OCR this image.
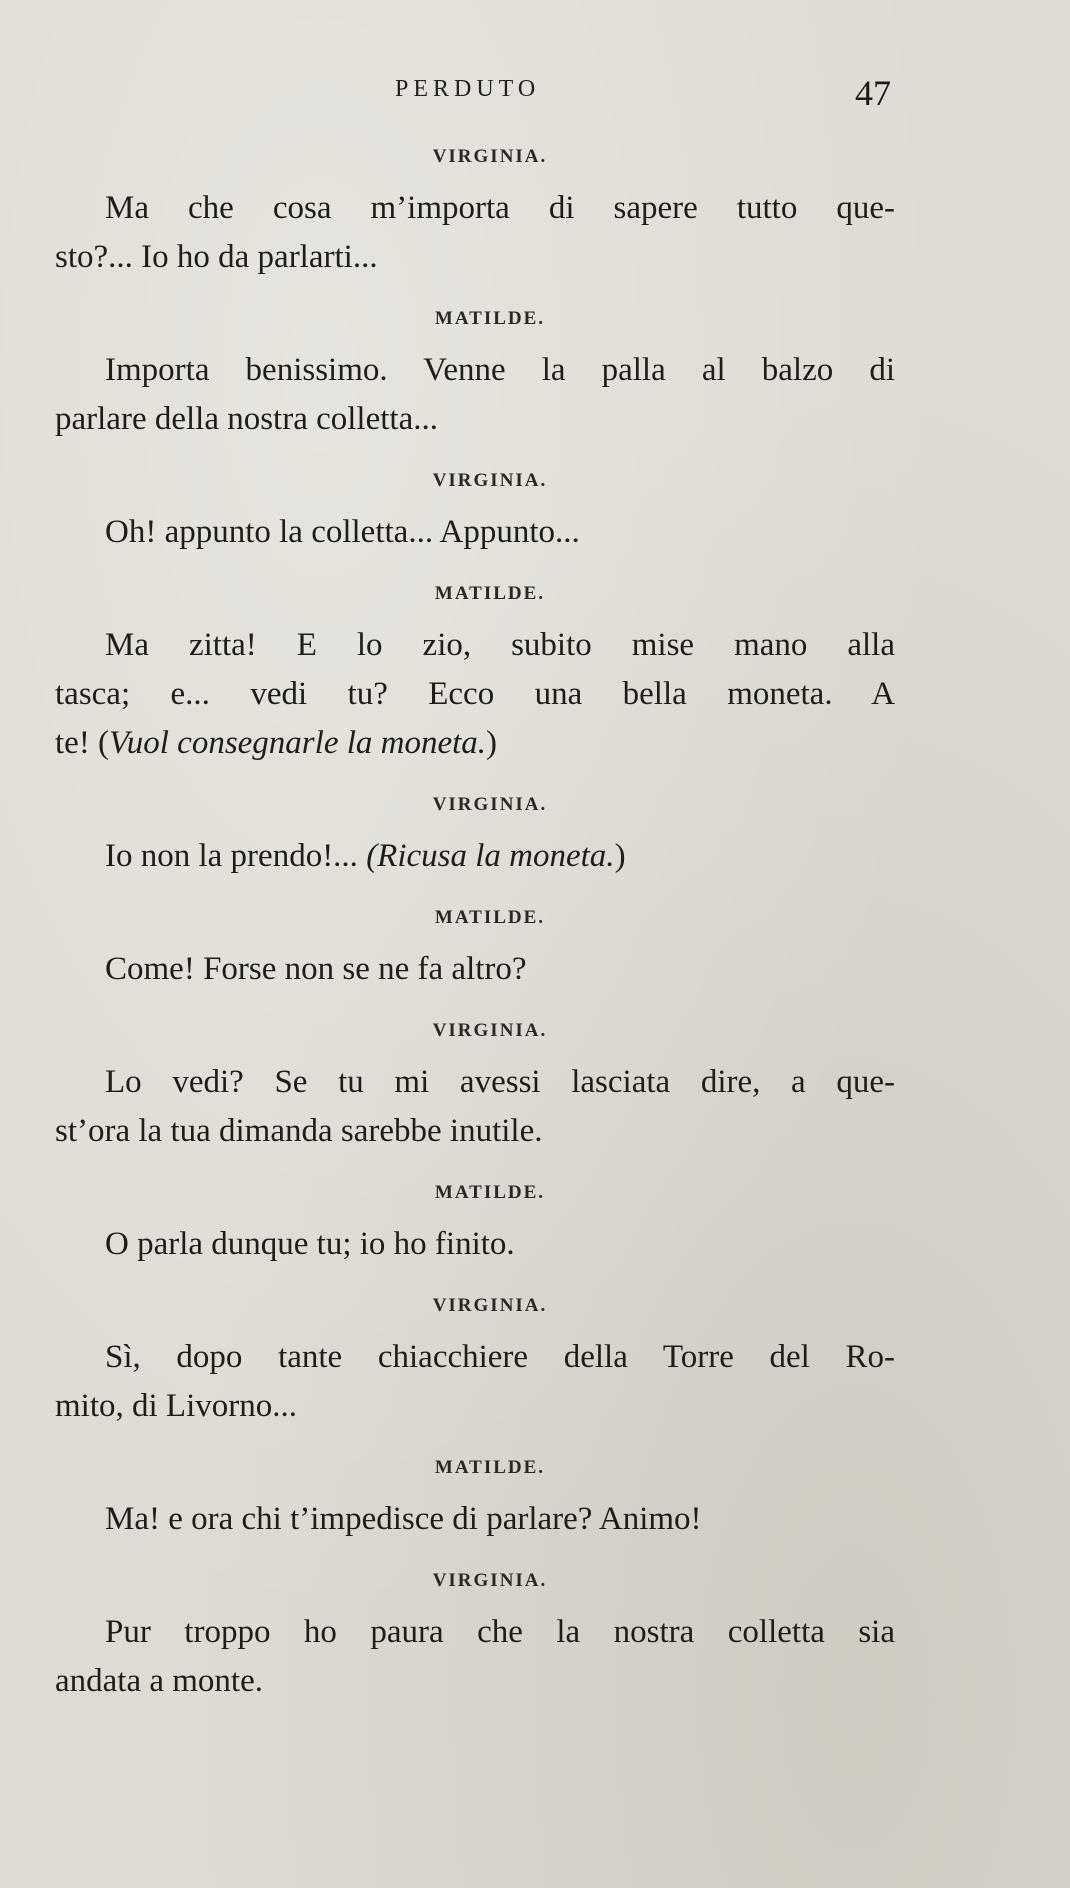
PERDUTO	47
VIRGINIA.

Ma che cosa m’importa di sapere tutto que-
sto?... Io ho da parlarti...

MATILDE.

Importa benissimo. Venne la palla al balzo di
parlare della nostra colletta...

VIRGINIA.

Oh! appunto la colletta... Appunto...

MATILDE.

Ma zitta! E lo zio, subito mise mano alla
tasca; e... vedi tu? Ecco una bella moneta. A
te! (Vuol consegnarle la moneta.)

VIRGINIA.

Io non la prendo!... (Ricusa la moneta.)

MATILDE.

Come! Forse non se ne fa altro?

VIRGINIA.

Lo vedi? Se tu mi avessi lasciata dire, a que-
st’ora la tua dimanda sarebbe inutile.

MATILDE.

O parla dunque tu; io ho finito.

VIRGINIA.

Sì, dopo tante chiacchiere della Torre del Ro-
mito, di Livorno...

MATILDE.

Ma! e ora chi t’impedisce di parlare? Animo!

VIRGINIA.

Pur troppo ho paura che la nostra colletta sia
andata a monte.
